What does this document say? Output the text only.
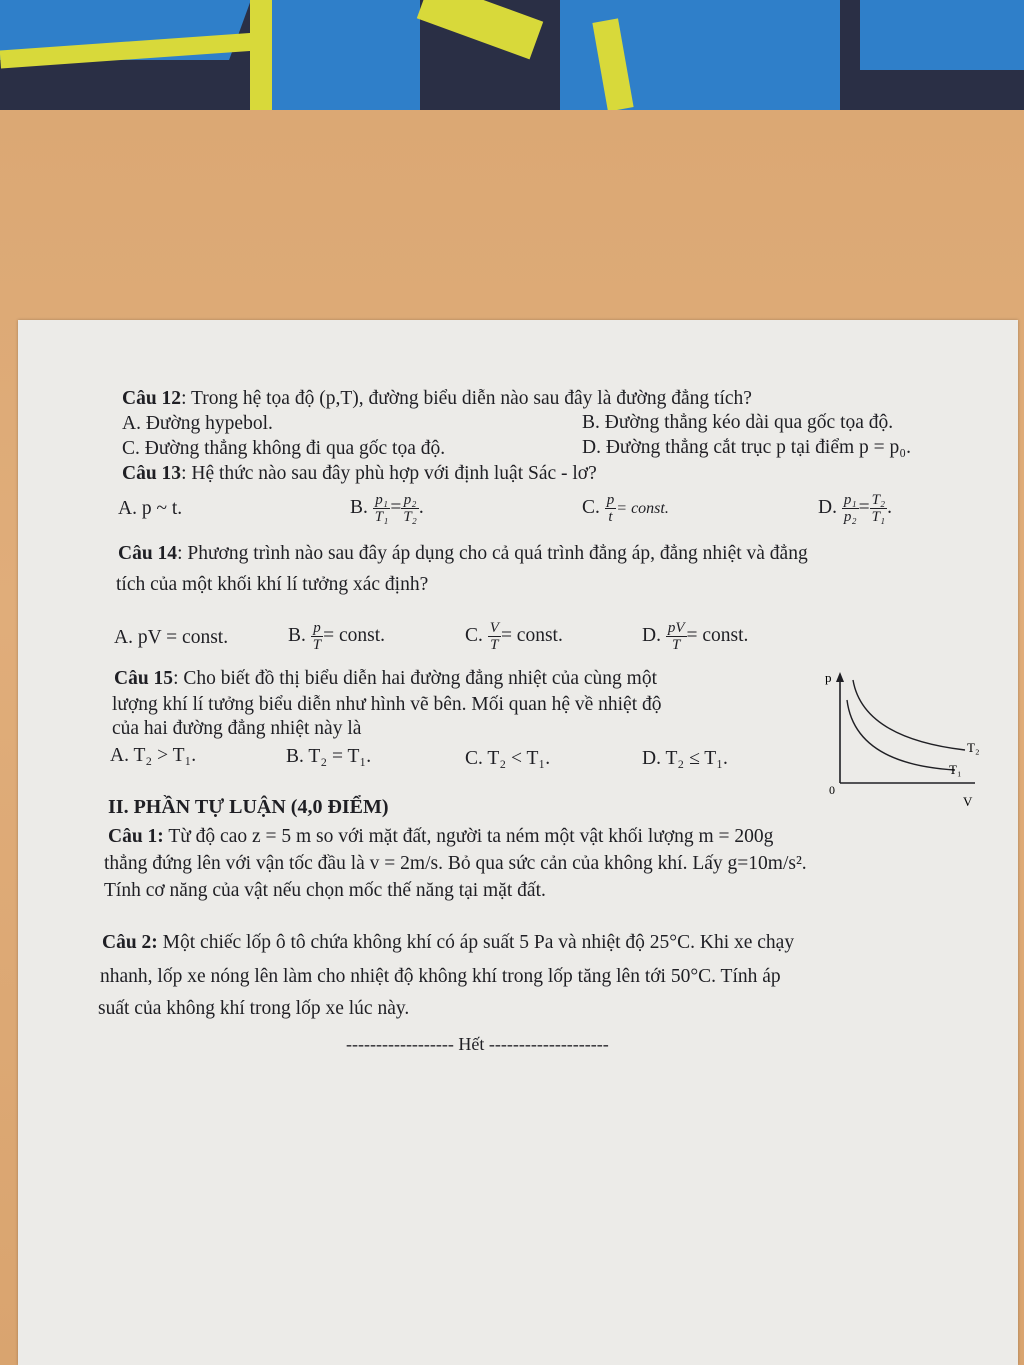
Câu 12: Trong hệ tọa độ (p,T), đường biểu diễn nào sau đây là đường đẳng tích?
A. Đường hypebol.	B. Đường thẳng kéo dài qua gốc tọa độ.
C. Đường thẳng không đi qua gốc tọa độ.	D. Đường thẳng cắt trục p tại điểm p = p₀.
Câu 13: Hệ thức nào sau đây phù hợp với định luật Sác - lơ?
A. p ~ t.	B. $\frac{\text{p₁}}{\text{T₁}} = \frac{\text{p₂}}{\text{T₂}}$ .	C. $\frac{p}{t}$ = const.	D. $\frac{\text{p₁}}{\text{p₂}} = \frac{\text{T₂}}{\text{T₁}}$ .
Câu 14: Phương trình nào sau đây áp dụng cho cả quá trình đẳng áp, đẳng nhiệt và đẳng
tích của một khối khí lí tưởng xác định?
A. pV = const.	B. $\frac{p}{T}$ = const.	C. $\frac{V}{T}$ = const.	D. $\frac{pV}{T}$ = const.
Câu 15: Cho biết đồ thị biểu diễn hai đường đẳng nhiệt của cùng một
lượng khí lí tưởng biểu diễn như hình vẽ bên. Mối quan hệ về nhiệt độ
của hai đường đẳng nhiệt này là
A. T₂ > T₁.	B. T₂ = T₁.	C. T₂ < T₁.	D. T₂ ≤ T₁.
p
V
0
T₂
T₁
II. PHẦN TỰ LUẬN (4,0 ĐIỂM)
Câu 1: Từ độ cao z = 5 m so với mặt đất, người ta ném một vật khối lượng m = 200g
thẳng đứng lên với vận tốc đầu là v = 2m/s. Bỏ qua sức cản của không khí. Lấy g=10m/s².
Tính cơ năng của vật nếu chọn mốc thế năng tại mặt đất.
Câu 2: Một chiếc lốp ô tô chứa không khí có áp suất 5 Pa và nhiệt độ 25°C. Khi xe chạy
nhanh, lốp xe nóng lên làm cho nhiệt độ không khí trong lốp tăng lên tới 50°C. Tính áp
suất của không khí trong lốp xe lúc này.
------------------ Hết --------------------
